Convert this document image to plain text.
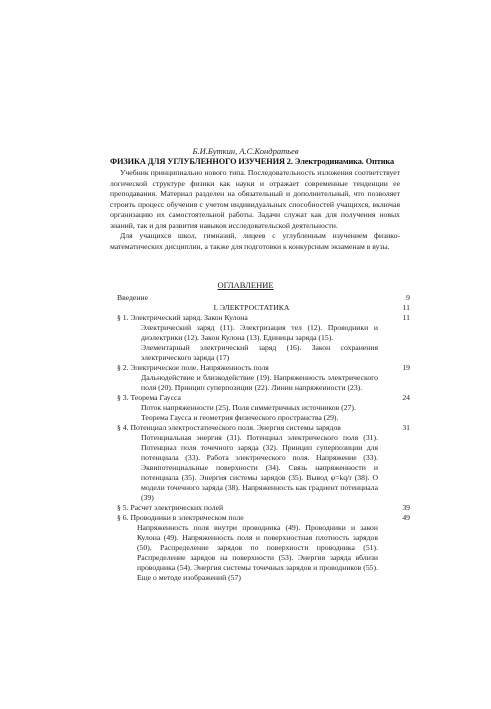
Б.И.Буткин, А.С.Кондратьев
ФИЗИКА ДЛЯ УГЛУБЛЕННОГО ИЗУЧЕНИЯ 2. Электродинамика. Оптика

Учебник принципиально нового типа. Последовательность изложения соответствует логической структуре физики как науки и отражает современные тенденции ее преподавания. Материал разделен на обязательный и дополнительный, что позволяет строить процесс обучения с учетом индивидуальных способностей учащихся, включая организацию их самостоятельной работы. Задачи служат как для получения новых знаний, так и для развития навыков исследовательской деятельности.

Для учащихся школ, гимназий, лицеев с углубленным изучением физико-математических дисциплин, а также для подготовки к конкурсным экзаменам в вузы.

ОГЛАВЛЕНИЕ
Введение	9
I. ЭЛЕКТРОСТАТИКА	11
§ 1. Электрический заряд. Закон Кулона	11
Электрический заряд (11). Электризация тел (12). Проводники и диэлектрики (12). Закон Кулона (13). Единицы заряда (15).
Элементарный электрический заряд (16). Закон сохранения электрического заряда (17)
§ 2. Электрическое поле. Напряженность поля	19
Дальнодействие и близкодействие (19). Напряженность электрического поля (20). Принцип суперпозиции (22). Линии напряженности (23).
§ 3. Теорема Гаусса	24
Поток напряженности (25). Поля симметричных источников (27).
Теорема Гаусса и геометрия физического пространства (29).
§ 4. Потенциал электростатического поля. Энергия системы зарядов	31
Потенциальная энергия (31). Потенциал электрического поля (31). Потенциал поля точечного заряда (32). Принцип суперпозиции для потенциала (33). Работа электрического поля. Напряжение (33). Эквипотенциальные поверхности (34). Связь напряженности и потенциала (35). Энергия системы зарядов (35). Вывод φ=kq/r (38). О модели точечного заряда (38). Напряженность как градиент потенциала (39)
§ 5. Расчет электрических полей	39
§ 6. Проводники в электрическом поле	49
Напряженность поля внутри проводника (49). Проводники и закон Кулона (49). Напряженность поля и поверхностная плотность зарядов (50). Распределение зарядов по поверхности проводника (51). Распределение зарядов на поверхности (53). Энергия заряда вблизи проводника (54). Энергия системы точечных зарядов и проводников (55). Еще о методе изображений (57)
